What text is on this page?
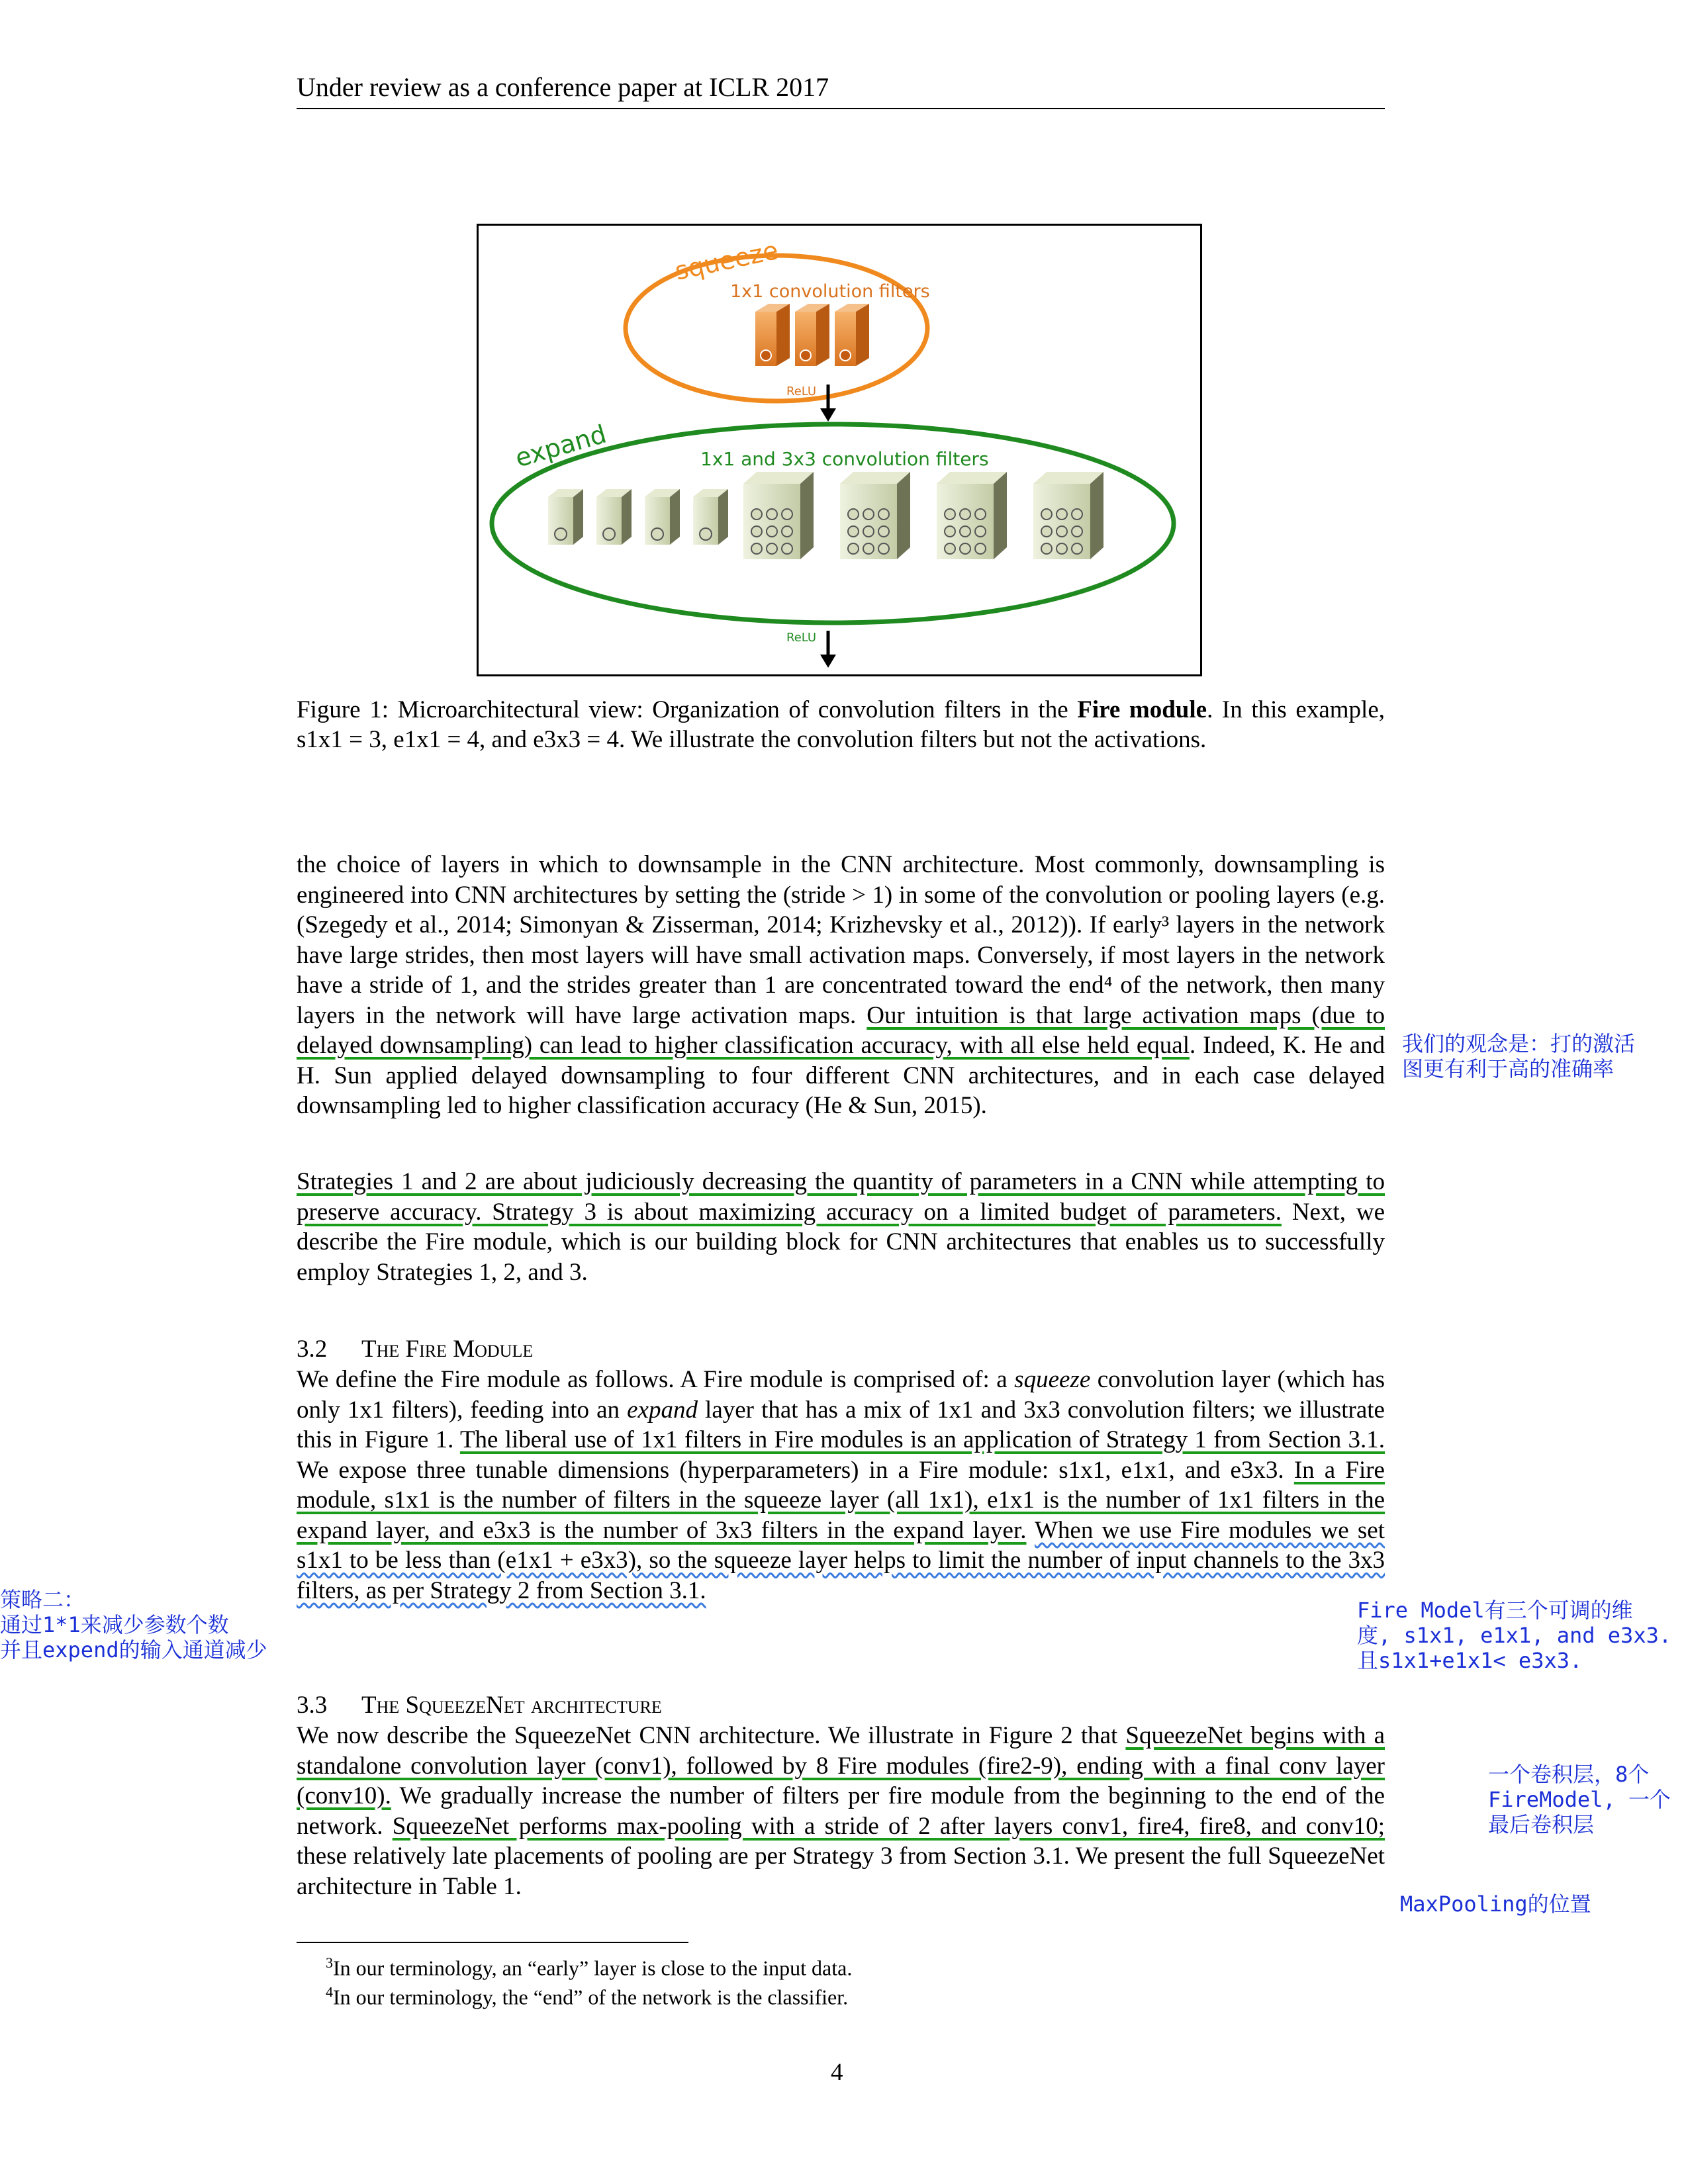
Under review as a conference paper at ICLR 2017
squeeze
1x1 convolution filters
ReLU
expand	1x1 and 3x3 convolution filters
ReLU
Figure 1: Microarchitectural view: Organization of convolution filters in the Fire module. In this example, s1x1 = 3, e1x1 = 4, and e3x3 = 4. We illustrate the convolution filters but not the activations.
the choice of layers in which to downsample in the CNN architecture. Most commonly, downsampling is engineered into CNN architectures by setting the (stride > 1) in some of the convolution or pooling layers (e.g. (Szegedy et al., 2014; Simonyan & Zisserman, 2014; Krizhevsky et al., 2012)). If early³ layers in the network have large strides, then most layers will have small activation maps. Conversely, if most layers in the network have a stride of 1, and the strides greater than 1 are concentrated toward the end⁴ of the network, then many layers in the network will have large activation maps. Our intuition is that large activation maps (due to delayed downsampling) can lead to higher classification accuracy, with all else held equal. Indeed, K. He and H. Sun applied delayed downsampling to four different CNN architectures, and in each case delayed downsampling led to higher classification accuracy (He & Sun, 2015).
Strategies 1 and 2 are about judiciously decreasing the quantity of parameters in a CNN while attempting to preserve accuracy. Strategy 3 is about maximizing accuracy on a limited budget of parameters. Next, we describe the Fire module, which is our building block for CNN architectures that enables us to successfully employ Strategies 1, 2, and 3.
3.2 The Fire Module
We define the Fire module as follows. A Fire module is comprised of: a squeeze convolution layer (which has only 1x1 filters), feeding into an expand layer that has a mix of 1x1 and 3x3 convolution filters; we illustrate this in Figure 1. The liberal use of 1x1 filters in Fire modules is an application of Strategy 1 from Section 3.1. We expose three tunable dimensions (hyperparameters) in a Fire module: s1x1, e1x1, and e3x3. In a Fire module, s1x1 is the number of filters in the squeeze layer (all 1x1), e1x1 is the number of 1x1 filters in the expand layer, and e3x3 is the number of 3x3 filters in the expand layer. When we use Fire modules we set s1x1 to be less than (e1x1 + e3x3), so the squeeze layer helps to limit the number of input channels to the 3x3 filters, as per Strategy 2 from Section 3.1.
3.3 The SqueezeNet architecture
We now describe the SqueezeNet CNN architecture. We illustrate in Figure 2 that SqueezeNet begins with a standalone convolution layer (conv1), followed by 8 Fire modules (fire2-9), ending with a final conv layer (conv10). We gradually increase the number of filters per fire module from the beginning to the end of the network. SqueezeNet performs max-pooling with a stride of 2 after layers conv1, fire4, fire8, and conv10; these relatively late placements of pooling are per Strategy 3 from Section 3.1. We present the full SqueezeNet architecture in Table 1.
$^3$In our terminology, an “early” layer is close to the input data.
$^4$In our terminology, the “end” of the network is the classifier.
4
我们的观念是：打的激活
图更有利于高的准确率
策略二：
通过1*1来减少参数个数
并且expend的输入通道减少
Fire Model有三个可调的维
度, s1x1, e1x1, and e3x3.
且s1x1+e1x1< e3x3.
一个卷积层，8个
FireModel, 一个
最后卷积层
MaxPooling的位置
